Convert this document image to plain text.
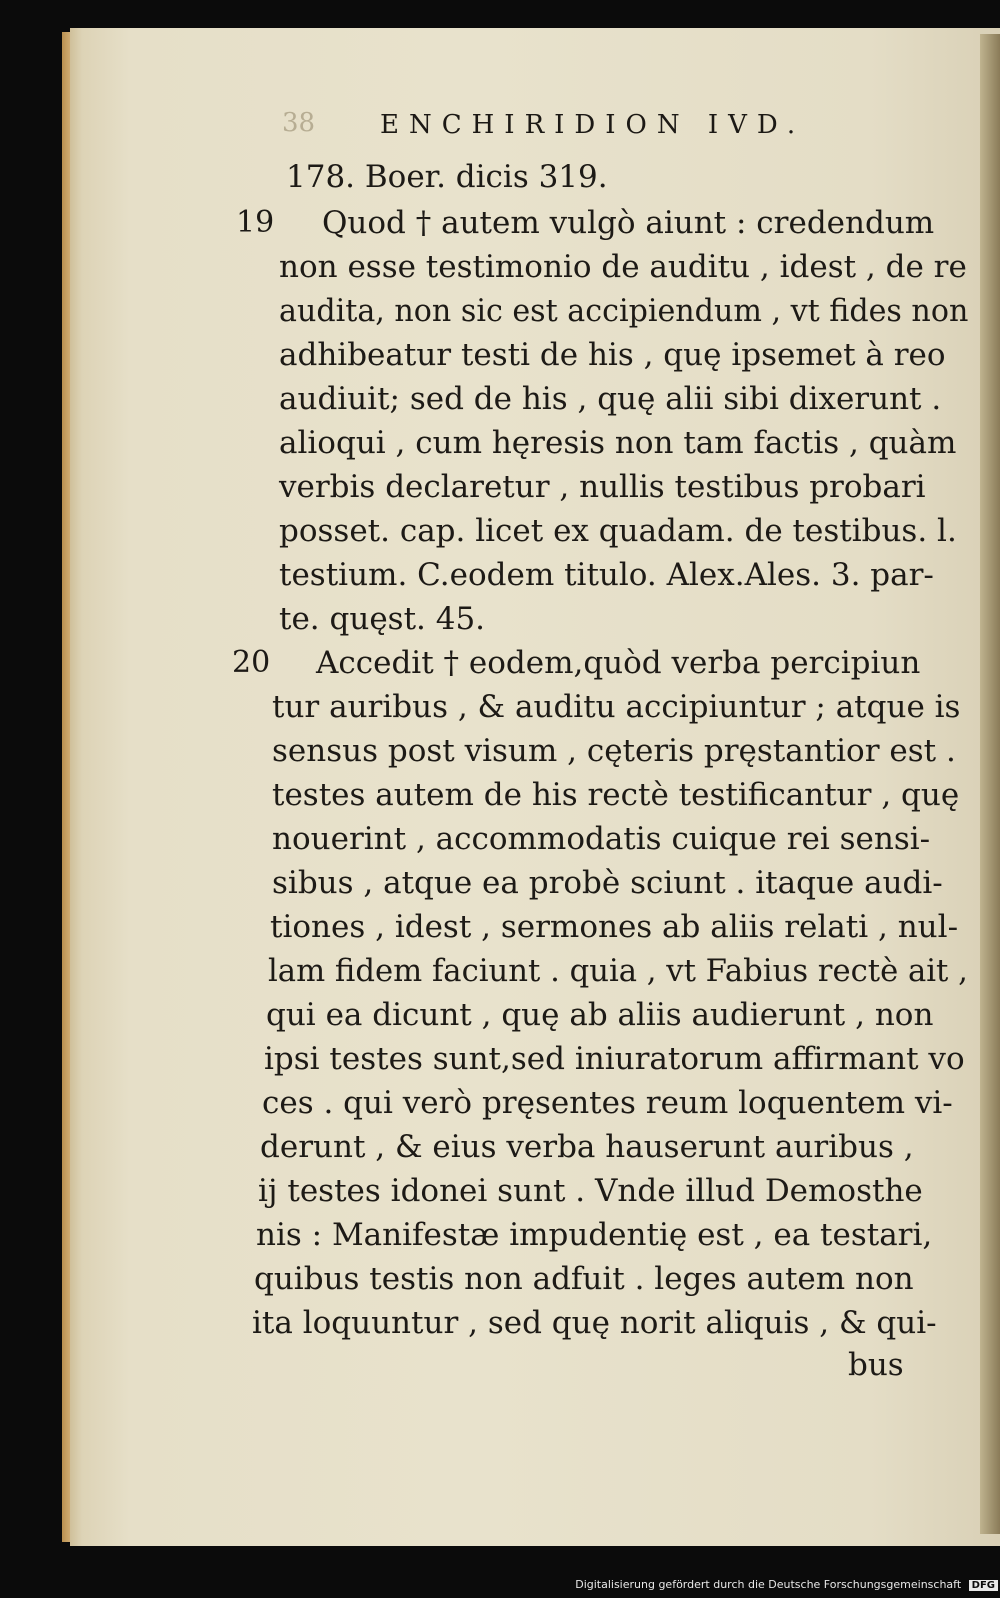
38 ENCHIRIDION IVD.
178. Boer. dicis 319.
19 Quod † autem vulgò aiunt : credendum
non esse testimonio de auditu , idest , de re
audita, non sic est accipiendum , vt fides non
adhibeatur testi de his , quę ipsemet à reo
audiuit; sed de his , quę alii sibi dixerunt .
alioqui , cum hęresis non tam factis , quàm
verbis declaretur , nullis testibus probari
posset. cap. licet ex quadam. de testibus. l.
testium. C.eodem titulo. Alex.Ales. 3. par-
te. quęst. 45.
20 Accedit † eodem,quòd verba percipiun
tur auribus , & auditu accipiuntur ; atque is
sensus post visum , cęteris pręstantior est .
testes autem de his rectè testificantur , quę
nouerint , accommodatis cuique rei sensi-
sibus , atque ea probè sciunt . itaque audi-
tiones , idest , sermones ab aliis relati , nul-
lam fidem faciunt . quia , vt Fabius rectè ait ,
qui ea dicunt , quę ab aliis audierunt , non
ipsi testes sunt,sed iniuratorum affirmant vo
ces . qui verò pręsentes reum loquentem vi-
derunt , & eius verba hauserunt auribus ,
ij testes idonei sunt . Vnde illud Demosthe
nis : Manifestæ impudentię est , ea testari,
quibus testis non adfuit . leges autem non
ita loquuntur , sed quę norit aliquis , & qui-
bus
Digitalisierung gefördert durch die Deutsche Forschungsgemeinschaft DFG
